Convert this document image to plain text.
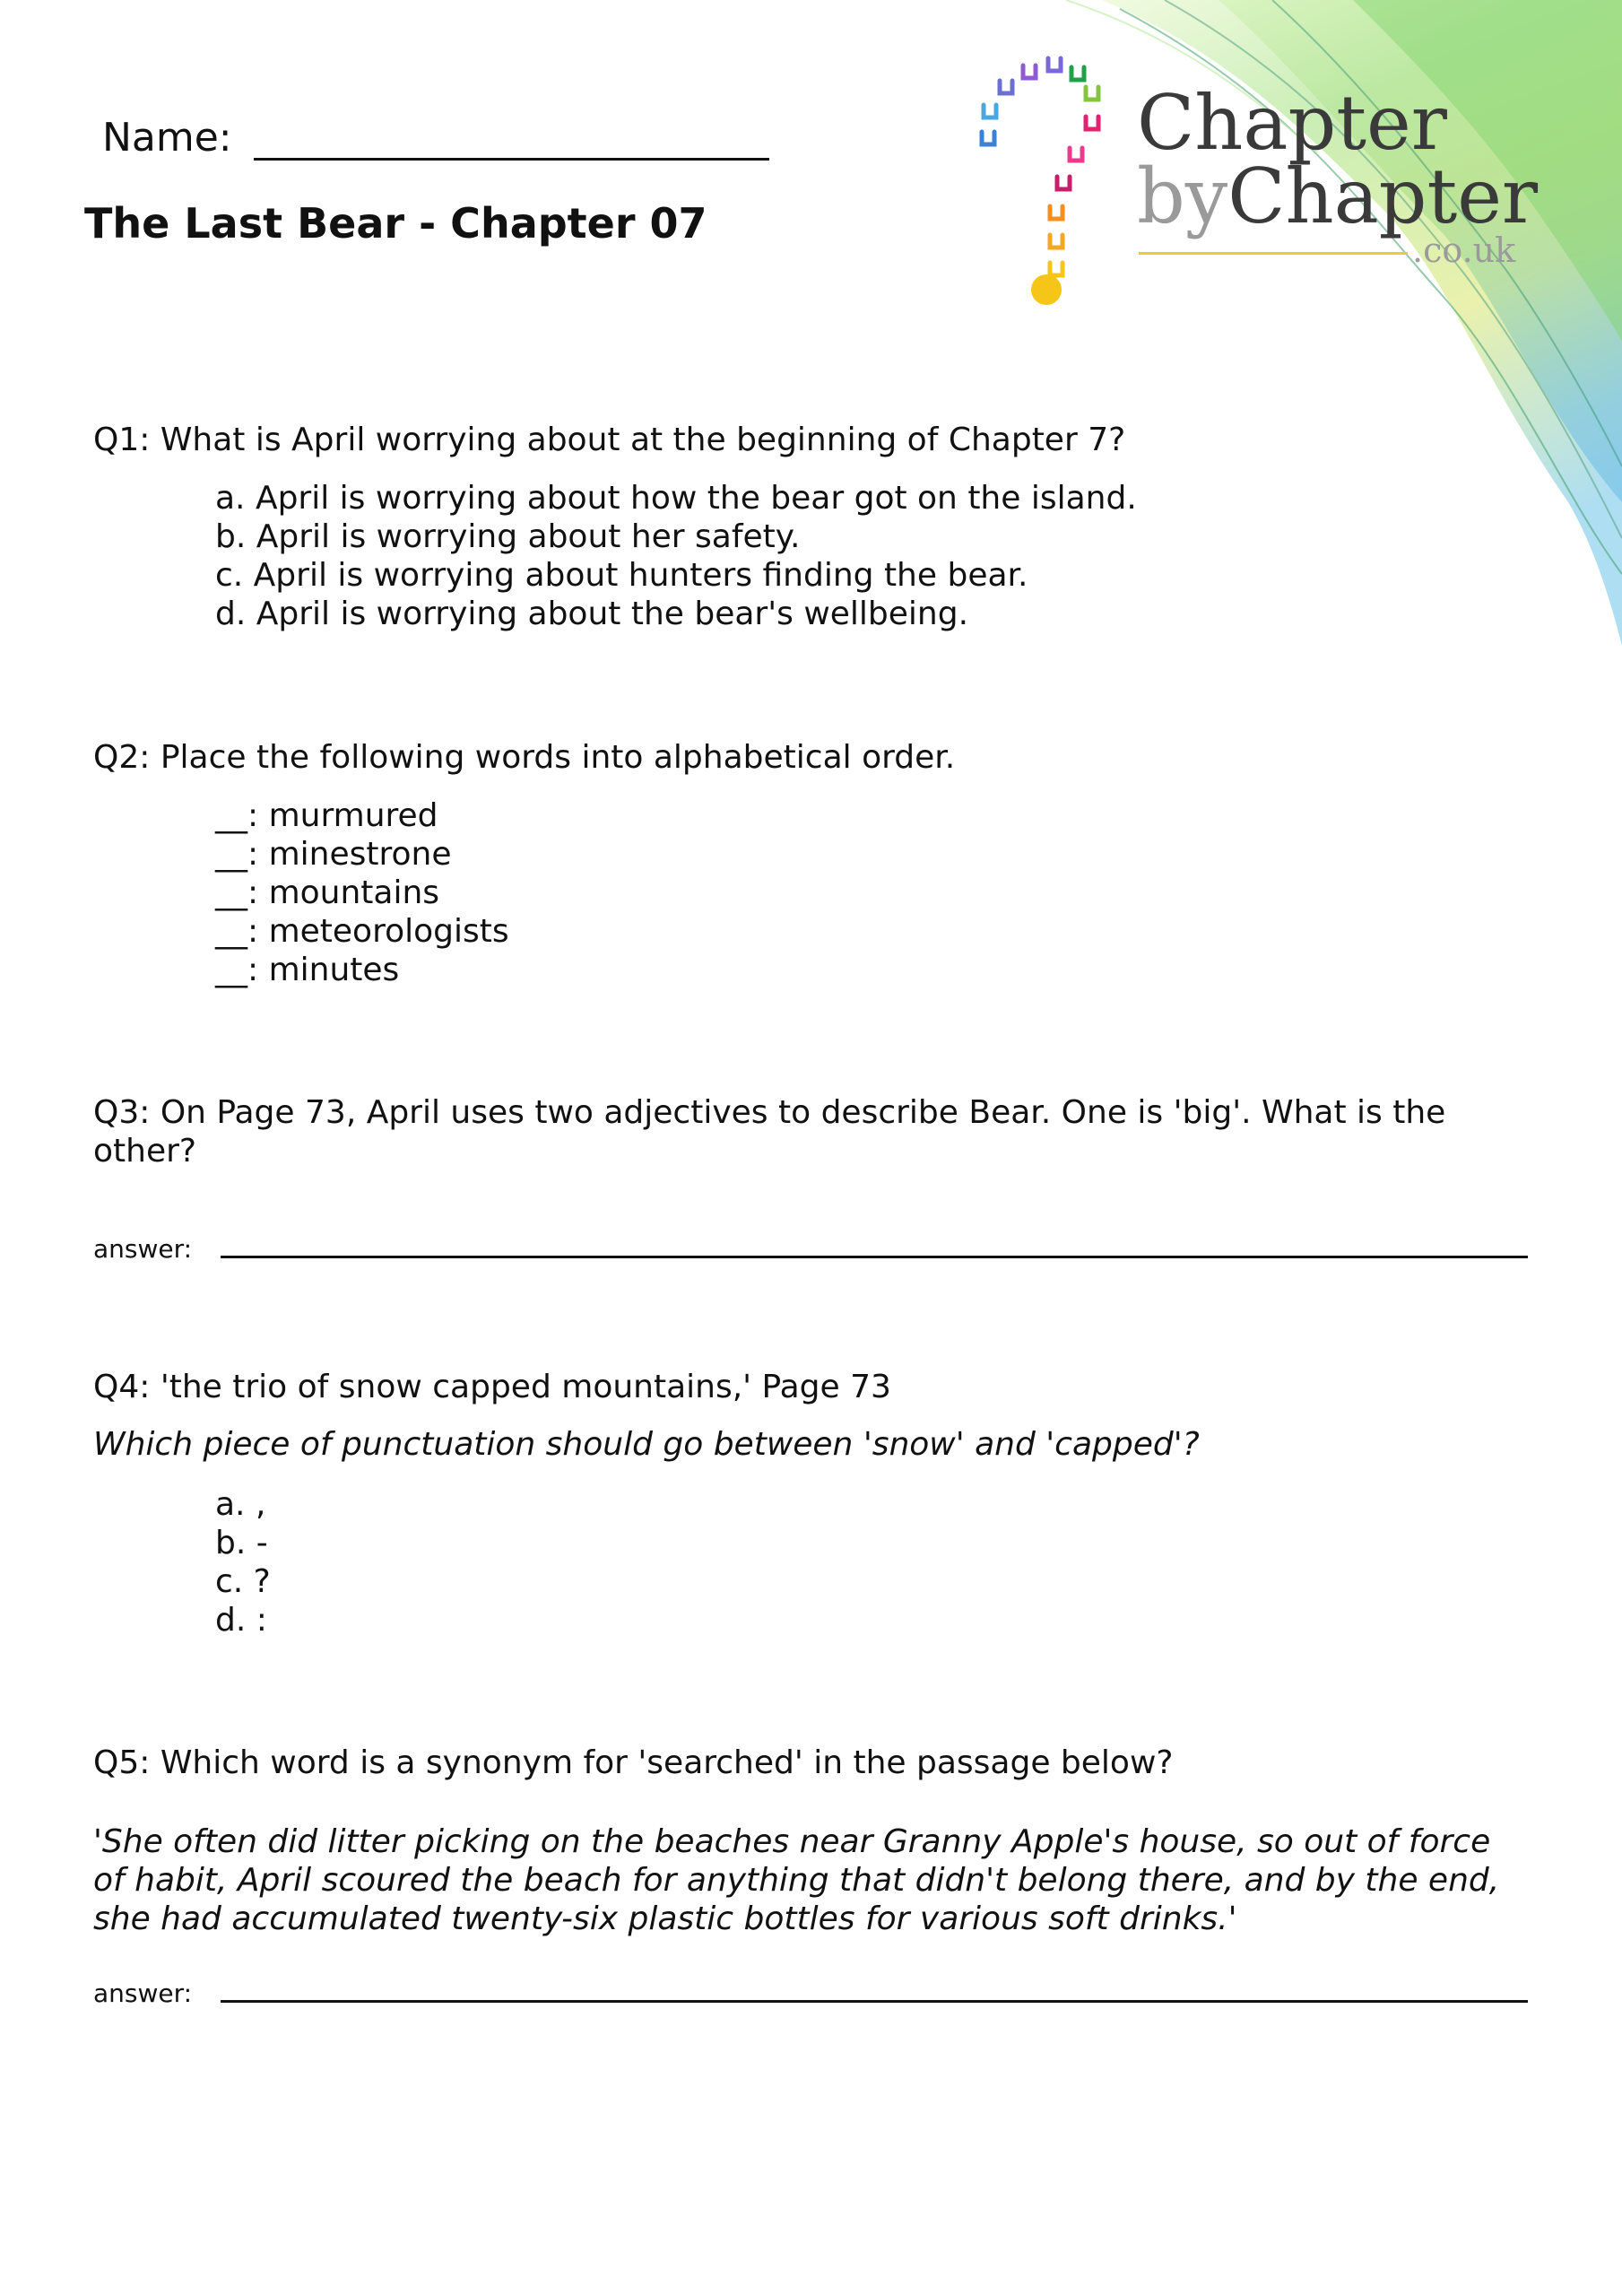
Chapter
byChapter
.co.uk
Name:
The Last Bear - Chapter 07
Q1: What is April worrying about at the beginning of Chapter 7?
a. April is worrying about how the bear got on the island.
b. April is worrying about her safety.
c. April is worrying about hunters finding the bear.
d. April is worrying about the bear's wellbeing.
Q2: Place the following words into alphabetical order.
__: murmured
__: minestrone
__: mountains
__: meteorologists
__: minutes
Q3: On Page 73, April uses two adjectives to describe Bear. One is 'big'. What is the
other?
answer:
Q4: 'the trio of snow capped mountains,' Page 73
Which piece of punctuation should go between 'snow' and 'capped'?
a. ,
b. -
c. ?
d. :
Q5: Which word is a synonym for 'searched' in the passage below?
'She often did litter picking on the beaches near Granny Apple's house, so out of force
of habit, April scoured the beach for anything that didn't belong there, and by the end,
she had accumulated twenty-six plastic bottles for various soft drinks.'
answer:
